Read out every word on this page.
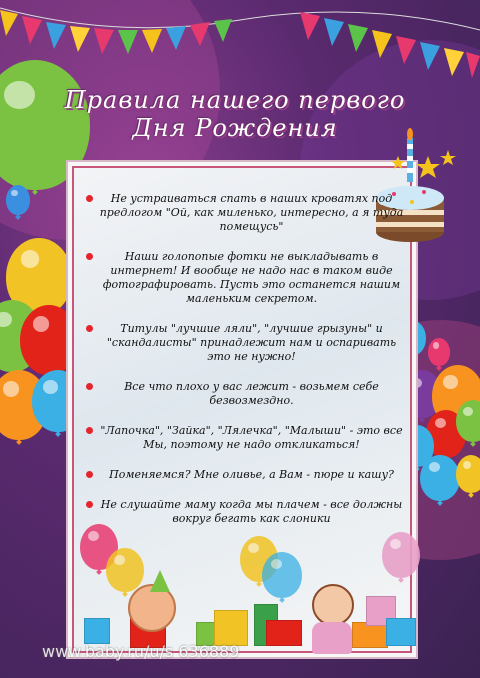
Правила нашего первого
Дня Рождения
Не устраиваться спать в наших кроватях под предлогом "Ой, как миленько, интересно, а я туда помещусь"
Наши голопопые фотки не выкладывать в интернет! И вообще не надо нас в таком виде фотографировать. Пусть это останется нашим маленьким секретом.
Титулы "лучшие ляли", "лучшие грызуны" и "скандалисты" принадлежит нам и оспаривать это не нужно!
Все что плохо у вас лежит - возьмем себе безвозмездно.
"Лапочка", "Зайка", "Лялечка", "Малыши" - это все Мы, поэтому не надо откликаться!
Поменяемся? Мне оливье, а Вам - пюре и кашу?
Не слушайте маму когда мы плачем - все должны вокруг бегать как слоники
www.baby.ru/u/s 636889
